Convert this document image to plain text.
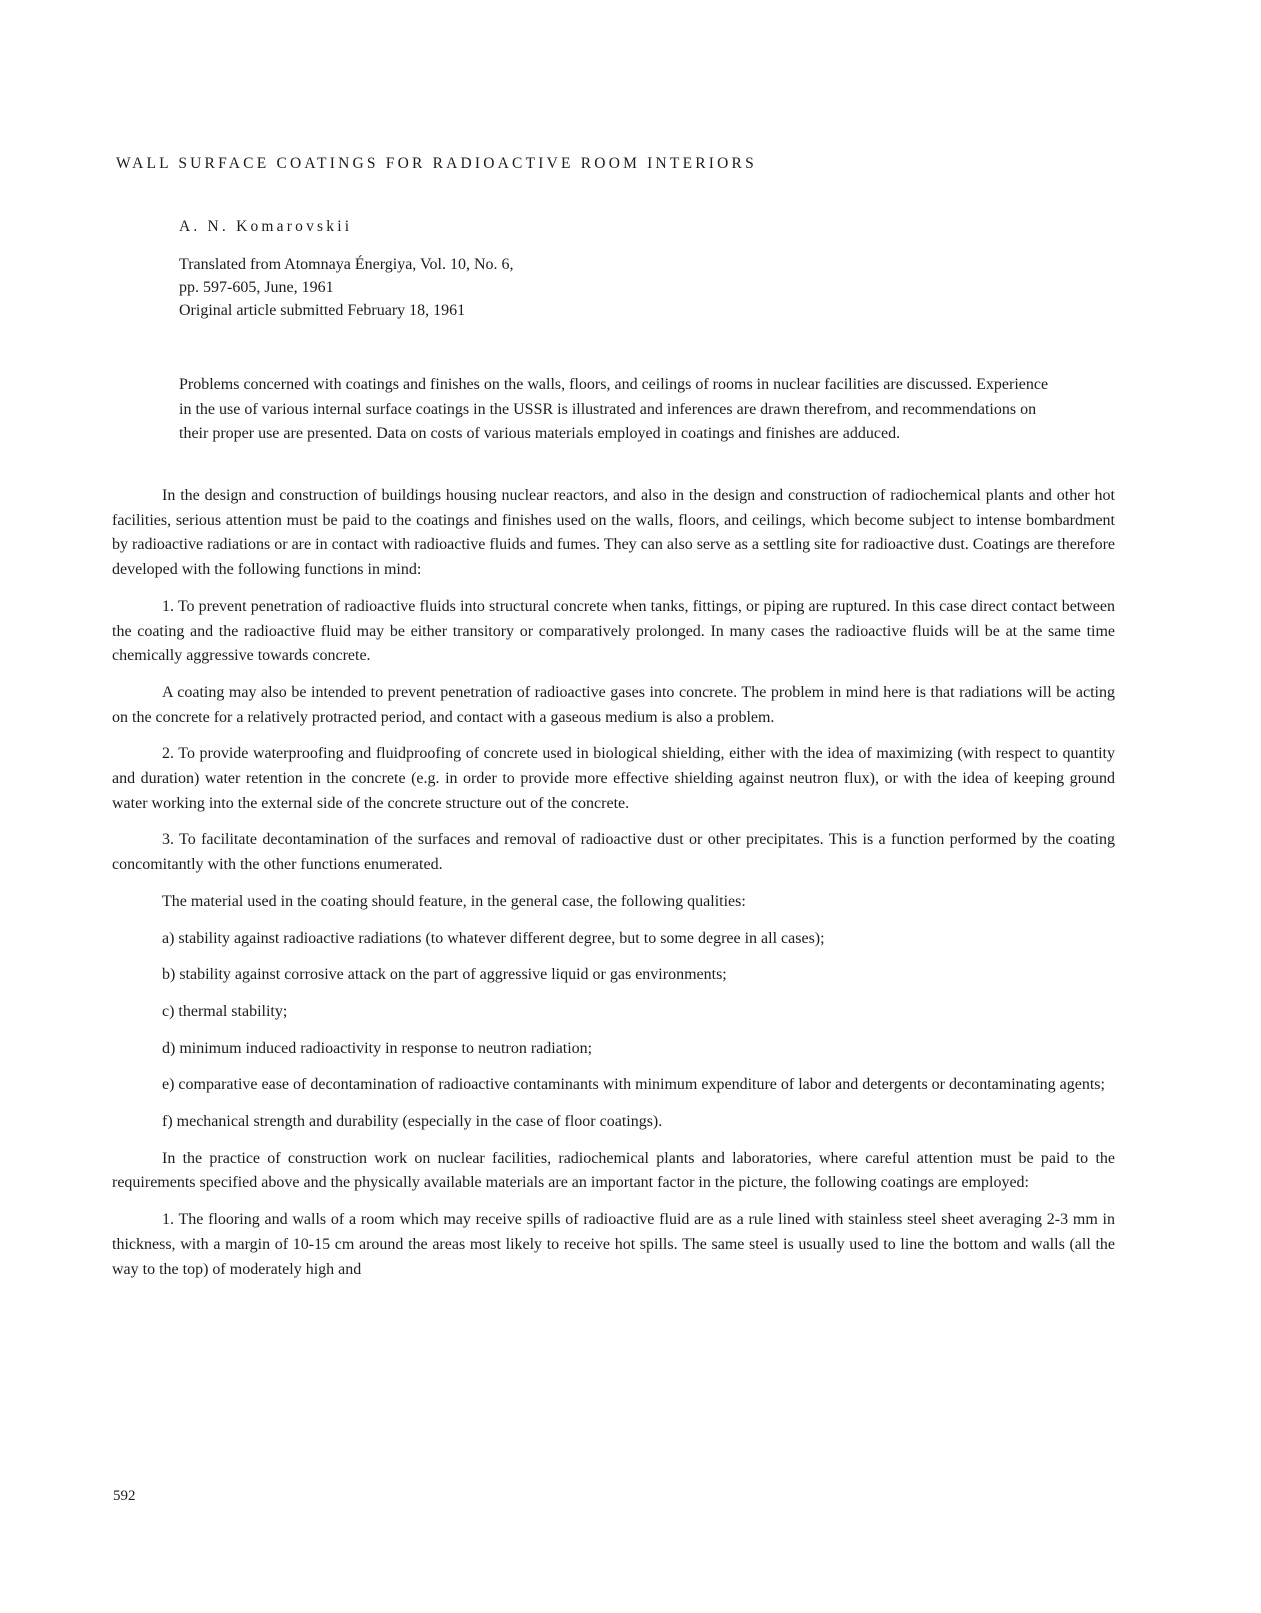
WALL SURFACE COATINGS FOR RADIOACTIVE ROOM INTERIORS
A. N. Komarovskii
Translated from Atomnaya Énergiya, Vol. 10, No. 6,
pp. 597-605, June, 1961
Original article submitted February 18, 1961
Problems concerned with coatings and finishes on the walls, floors, and ceilings of rooms in nuclear facilities are discussed. Experience in the use of various internal surface coatings in the USSR is illustrated and inferences are drawn therefrom, and recommendations on their proper use are presented. Data on costs of various materials employed in coatings and finishes are adduced.

In the design and construction of buildings housing nuclear reactors, and also in the design and construction of radiochemical plants and other hot facilities, serious attention must be paid to the coatings and finishes used on the walls, floors, and ceilings, which become subject to intense bombardment by radioactive radiations or are in contact with radioactive fluids and fumes. They can also serve as a settling site for radioactive dust. Coatings are therefore developed with the following functions in mind:

1. To prevent penetration of radioactive fluids into structural concrete when tanks, fittings, or piping are ruptured. In this case direct contact between the coating and the radioactive fluid may be either transitory or comparatively prolonged. In many cases the radioactive fluids will be at the same time chemically aggressive towards concrete.

A coating may also be intended to prevent penetration of radioactive gases into concrete. The problem in mind here is that radiations will be acting on the concrete for a relatively protracted period, and contact with a gaseous medium is also a problem.

2. To provide waterproofing and fluidproofing of concrete used in biological shielding, either with the idea of maximizing (with respect to quantity and duration) water retention in the concrete (e.g. in order to provide more effective shielding against neutron flux), or with the idea of keeping ground water working into the external side of the concrete structure out of the concrete.

3. To facilitate decontamination of the surfaces and removal of radioactive dust or other precipitates. This is a function performed by the coating concomitantly with the other functions enumerated.

The material used in the coating should feature, in the general case, the following qualities:

a) stability against radioactive radiations (to whatever different degree, but to some degree in all cases);

b) stability against corrosive attack on the part of aggressive liquid or gas environments;

c) thermal stability;

d) minimum induced radioactivity in response to neutron radiation;

e) comparative ease of decontamination of radioactive contaminants with minimum expenditure of labor and detergents or decontaminating agents;

f) mechanical strength and durability (especially in the case of floor coatings).

In the practice of construction work on nuclear facilities, radiochemical plants and laboratories, where careful attention must be paid to the requirements specified above and the physically available materials are an important factor in the picture, the following coatings are employed:

1. The flooring and walls of a room which may receive spills of radioactive fluid are as a rule lined with stainless steel sheet averaging 2-3 mm in thickness, with a margin of 10-15 cm around the areas most likely to receive hot spills. The same steel is usually used to line the bottom and walls (all the way to the top) of moderately high and

592
